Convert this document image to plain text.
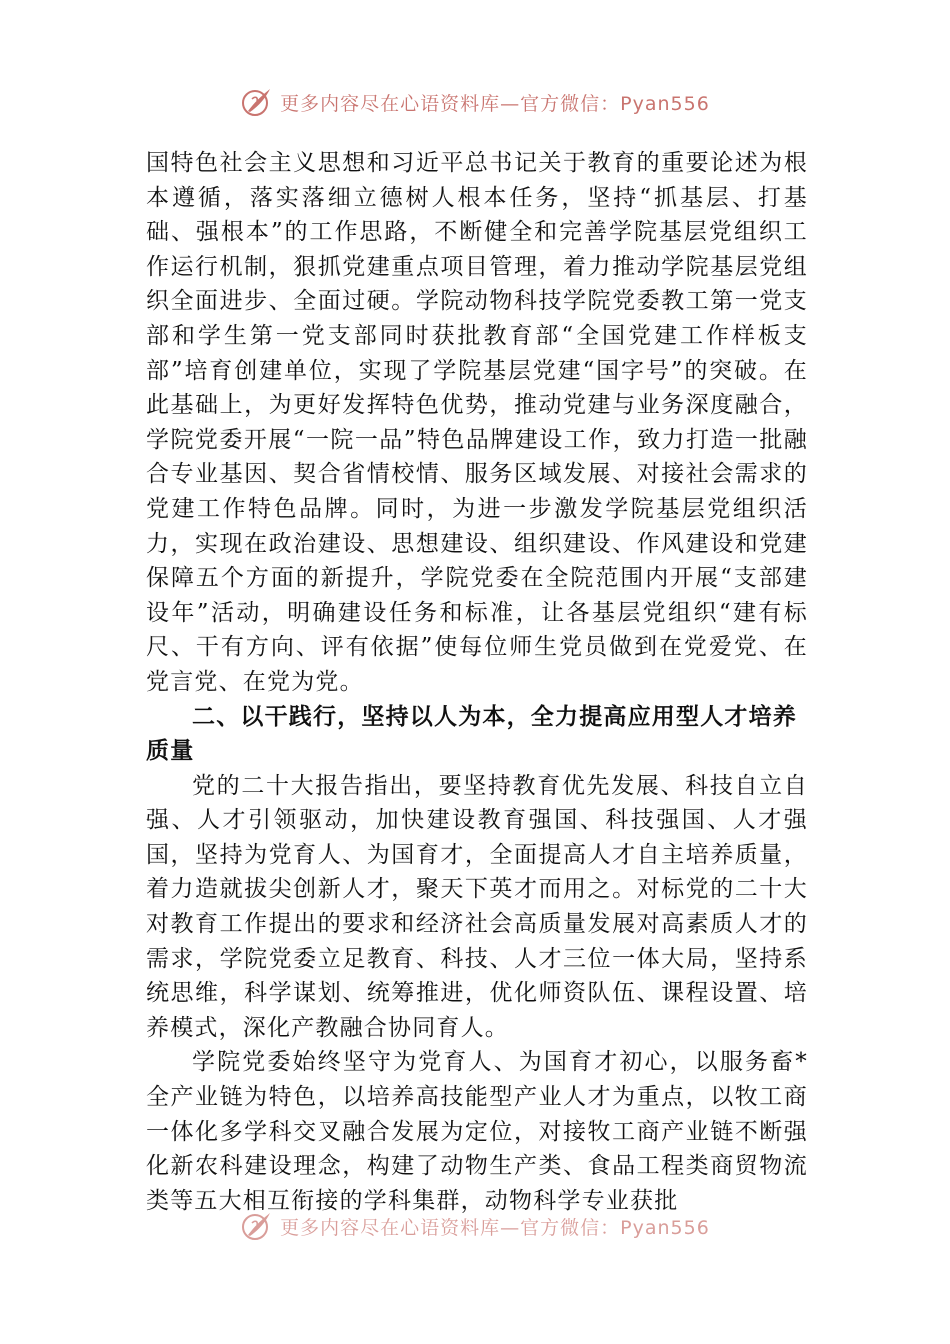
更多内容尽在心语资料库—官方微信：Pyan556

国特色社会主义思想和习近平总书记关于教育的重要论述为根本遵循，落实落细立德树人根本任务，坚持“抓基层、打基础、强根本”的工作思路，不断健全和完善学院基层党组织工作运行机制，狠抓党建重点项目管理，着力推动学院基层党组织全面进步、全面过硬。学院动物科技学院党委教工第一党支部和学生第一党支部同时获批教育部“全国党建工作样板支部”培育创建单位，实现了学院基层党建“国字号”的突破。在此基础上，为更好发挥特色优势，推动党建与业务深度融合，学院党委开展“一院一品”特色品牌建设工作，致力打造一批融合专业基因、契合省情校情、服务区域发展、对接社会需求的党建工作特色品牌。同时，为进一步激发学院基层党组织活力，实现在政治建设、思想建设、组织建设、作风建设和党建保障五个方面的新提升，学院党委在全院范围内开展“支部建设年”活动，明确建设任务和标准，让各基层党组织“建有标尺、干有方向、评有依据”使每位师生党员做到在党爱党、在党言党、在党为党。

二、以干践行，坚持以人为本，全力提高应用型人才培养质量

党的二十大报告指出，要坚持教育优先发展、科技自立自强、人才引领驱动，加快建设教育强国、科技强国、人才强国，坚持为党育人、为国育才，全面提高人才自主培养质量，着力造就拔尖创新人才，聚天下英才而用之。对标党的二十大对教育工作提出的要求和经济社会高质量发展对高素质人才的需求，学院党委立足教育、科技、人才三位一体大局，坚持系统思维，科学谋划、统筹推进，优化师资队伍、课程设置、培养模式，深化产教融合协同育人。

学院党委始终坚守为党育人、为国育才初心，以服务畜*全产业链为特色，以培养高技能型产业人才为重点，以牧工商一体化多学科交叉融合发展为定位，对接牧工商产业链不断强化新农科建设理念，构建了动物生产类、食品工程类商贸物流类等五大相互衔接的学科集群，动物科学专业获批

更多内容尽在心语资料库—官方微信：Pyan556
